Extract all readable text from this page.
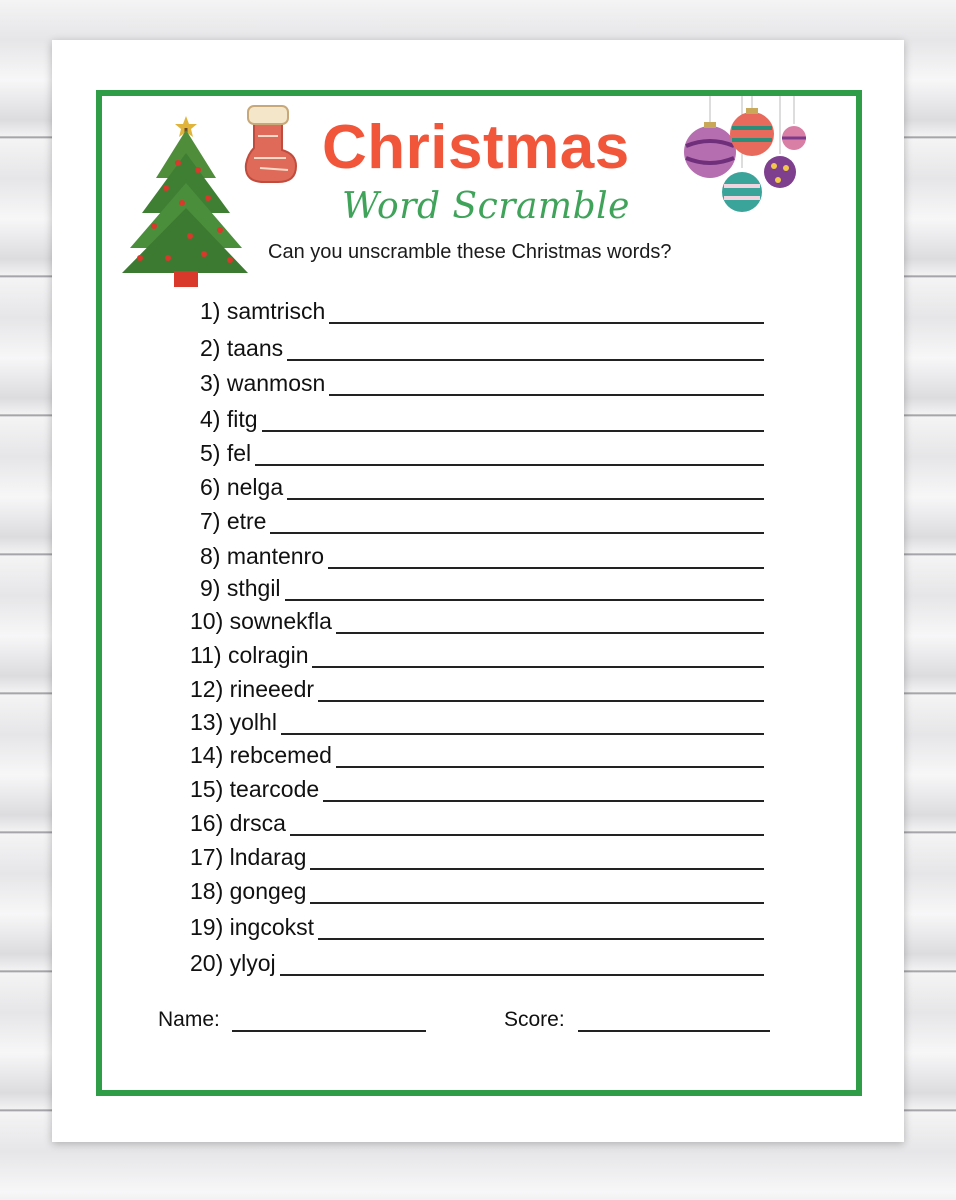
Christmas
Word Scramble
Can you unscramble these Christmas words?
1) samtrisch
2) taans
3) wanmosn
4) fitg
5) fel
6) nelga
7) etre
8) mantenro
9) sthgil
10) sownekfla
11) colragin
12) rineeedr
13) yolhl
14) rebcemed
15) tearcode
16) drsca
17) lndarag
18) gongeg
19) ingcokst
20) ylyoj
Name:	Score:
